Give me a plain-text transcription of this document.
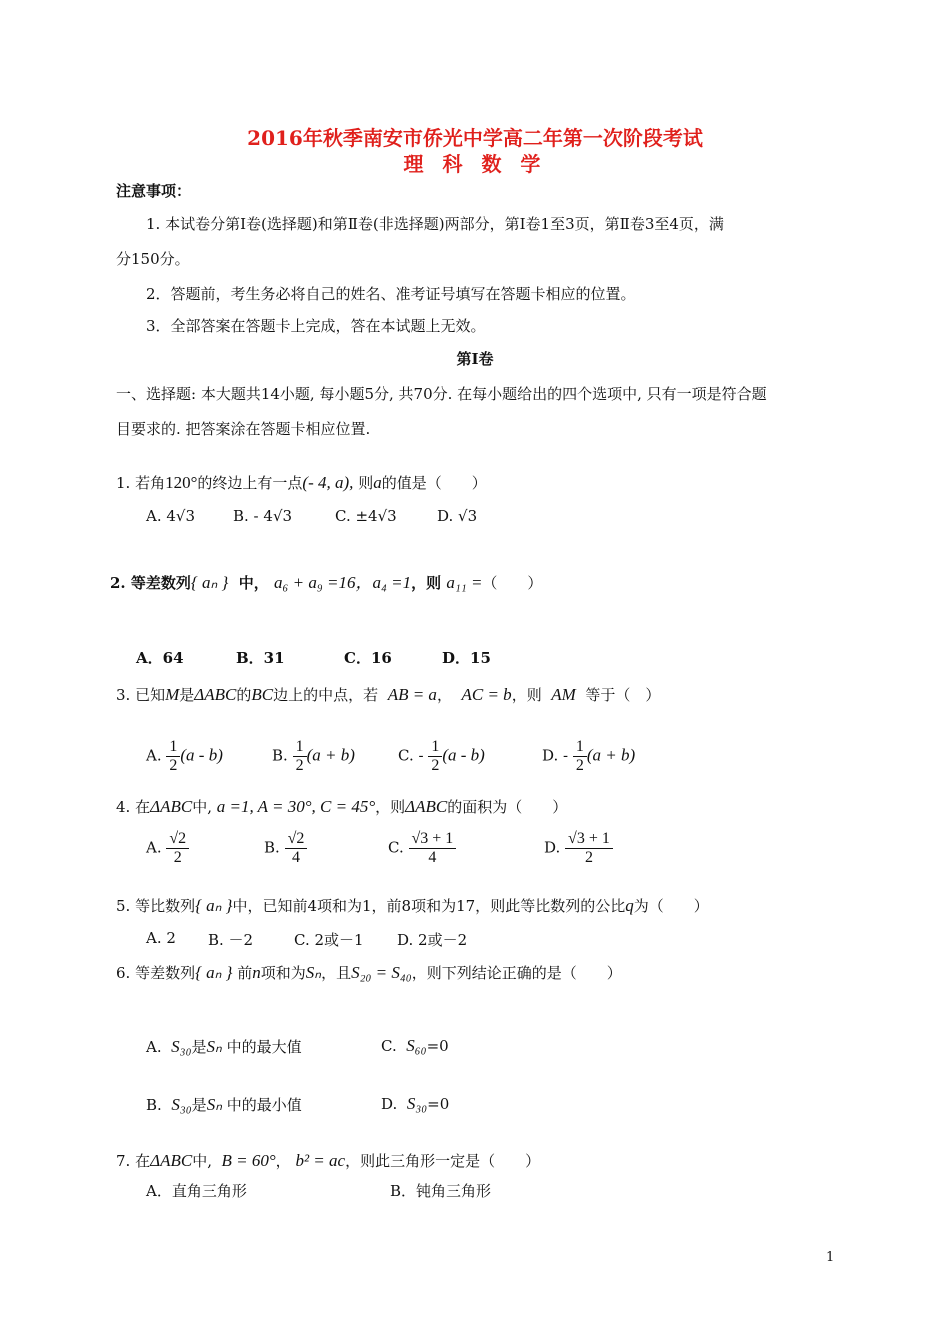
2016年秋季南安市侨光中学高二年第一次阶段考试
理 科 数 学
注意事项：
1. 本试卷分第Ⅰ卷(选择题)和第Ⅱ卷(非选择题)两部分，第Ⅰ卷1至3页，第Ⅱ卷3至4页，满
分150分。
2．答题前，考生务必将自己的姓名、准考证号填写在答题卡相应的位置。
3．全部答案在答题卡上完成，答在本试题上无效。
第Ⅰ卷
一、选择题: 本大题共14小题, 每小题5分, 共70分. 在每小题给出的四个选项中, 只有一项是符合题
目要求的. 把答案涂在答题卡相应位置.
1. 若角120°的终边上有一点(- 4, a), 则a的值是（　　）
A. 4√3	B. - 4√3	C. ±4√3	D. √3
2. 等差数列{ aₙ } 中， a₆ + a₉ =16，a₄ =1，则 a₁₁ =（　　）
A．64	B．31	C．16	D．15
3. 已知M是ΔABC的BC边上的中点，若 AB = a，  AC = b，则 AM 等于（　）
A. $\frac{1}{2} (a - b)$	B. $\frac{1}{2} (a + b)$	C. - $\frac{1}{2} (a - b)$	D. - $\frac{1}{2} (a + b)$
4. 在ΔABC中, a =1, A = 30°, C = 45°，则ΔABC的面积为（　　）
A. $\frac{√2}{2}$	B. $\frac{√2}{4}$	C. $\frac{√3 + 1}{4}$	D. $\frac{√3 + 1}{2}$
5. 等比数列{ aₙ }中，已知前4项和为1，前8项和为17，则此等比数列的公比q为（　　）
A. 2 B. －2	C. 2或－1 D. 2或－2
6. 等差数列{ aₙ } 前n项和为Sₙ，且S₂₀ = S₄₀，则下列结论正确的是（　　）
A. S₃₀是Sₙ 中的最大值	C. S₆₀=0
B. S₃₀是Sₙ 中的最小值	D. S₃₀=0
7. 在ΔABC中, B = 60°， b² = ac，则此三角形一定是（　　）
A．直角三角形	B．钝角三角形
1
